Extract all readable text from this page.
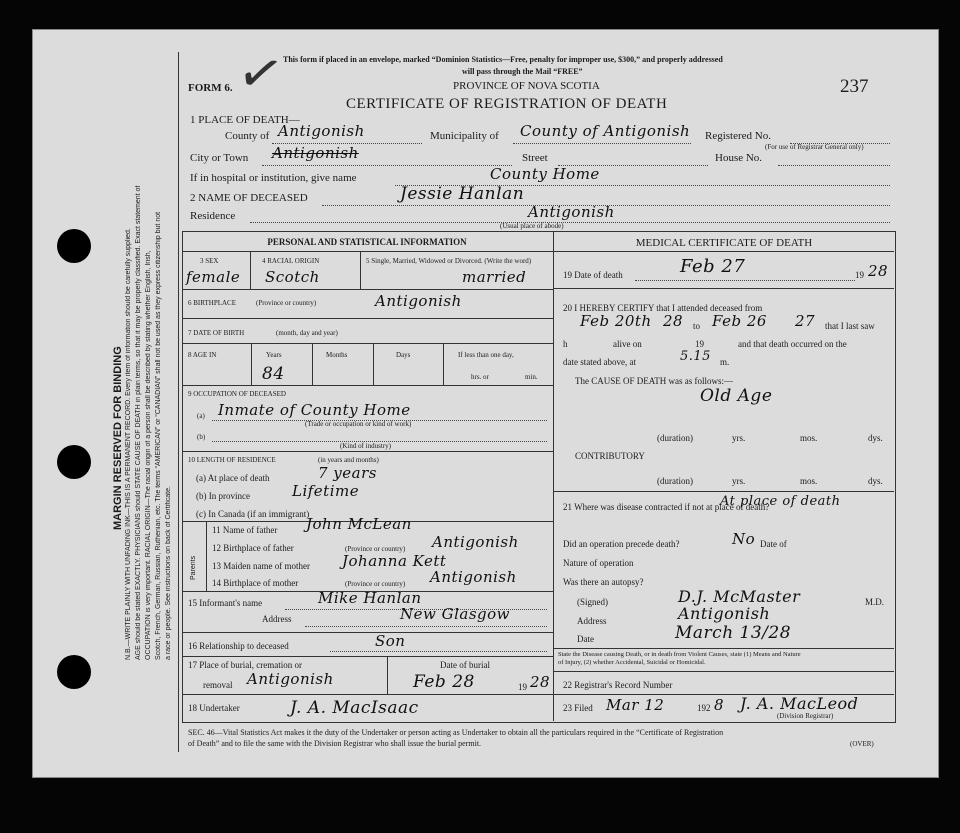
MARGIN RESERVED FOR BINDING N.B.—WRITE PLAINLY WITH UNFADING INK—THIS IS A PERMANENT RECORD. Every item of information should be carefully supplied. AGE should be stated EXACTLY. PHYSICIANS should STATE CAUSE OF DEATH in plain terms, so that it may be properly classified. Exact statement of OCCUPATION is very important. RACIAL ORIGIN—The racial origin of a person shall be described by stating whether English, Irish, Scotch, French, German, Russian, Ruthenian, etc. The terms “AMERICAN” or “CANADIAN” shall not be used as they express citizenship but not a race or people. See instructions on back of Certificate.
✓
This form if placed in an envelope, marked “Dominion Statistics—Free, penalty for improper use, $300,” and properly addressed
will pass through the Mail “FREE”
PROVINCE OF NOVA SCOTIA
FORM 6.	237
CERTIFICATE OF REGISTRATION OF DEATH
1 PLACE OF DEATH—
County of Antigonish	Municipality of County of Antigonish Registered No.
(For use of Registrar General only)
City or Town Antigonish	Street	House No.
If in hospital or institution, give name	County Home
2 NAME OF DECEASED	Jessie Hanlan
Residence	Antigonish
(Usual place of abode)
PERSONAL AND STATISTICAL INFORMATION
3 SEX
female
4 RACIAL ORIGIN
Scotch
5 Single, Married, Widowed or Divorced. (Write the word)
married
6 BIRTHPLACE	(Province or country)	Antigonish
7 DATE OF BIRTH	(month, day and year)
8 AGE IN	Years
84
Months	Days	If less than one day,
hrs. or	min.
9 OCCUPATION OF DECEASED
(a) Inmate of County Home
(Trade or occupation or kind of work)
(b)
(Kind of industry)
10 LENGTH OF RESIDENCE	(in years and months)
(a) At place of death	7 years
(b) In province	Lifetime
(c) In Canada (if an immigrant)
Parents
11 Name of father John McLean
12 Birthplace of father	(Province or country) Antigonish
13 Maiden name of mother Johanna Kett
14 Birthplace of mother	(Province or country) Antigonish
15 Informant's name	Mike Hanlan
Address	New Glasgow
16 Relationship to deceased	Son
17 Place of burial, cremation or
removal Antigonish
Date of burial
Feb 28	19 28
18 Undertaker	J. A. MacIsaac
MEDICAL CERTIFICATE OF DEATH
19 Date of death	Feb 27	19 28
20 I HEREBY CERTIFY that I attended deceased from
Feb 20th 28 to Feb 26 27 that I last saw
h	alive on	19	and that death occurred on the
date stated above, at	5.15 m.
The CAUSE OF DEATH was as follows:—
Old Age
(duration)	yrs.	mos.	dys.
CONTRIBUTORY
(duration)	yrs.	mos.	dys.
21 Where was disease contracted if not at place of death?
At place of death
Did an operation precede death?	No Date of
Nature of operation
Was there an autopsy?
(Signed)	D.J. McMaster	M.D.
Address	Antigonish
Date	March 13/28
State the Disease causing Death, or in death from Violent Causes, state (1) Means and Nature
of Injury, (2) whether Accidental, Suicidal or Homicidal.
22 Registrar's Record Number
23 Filed Mar 12	192 8 J. A. MacLeod
(Division Registrar)
SEC. 46—Vital Statistics Act makes it the duty of the Undertaker or person acting as Undertaker to obtain all the particulars required in the “Certificate of Registration
of Death” and to file the same with the Division Registrar who shall issue the burial permit.	(OVER)
